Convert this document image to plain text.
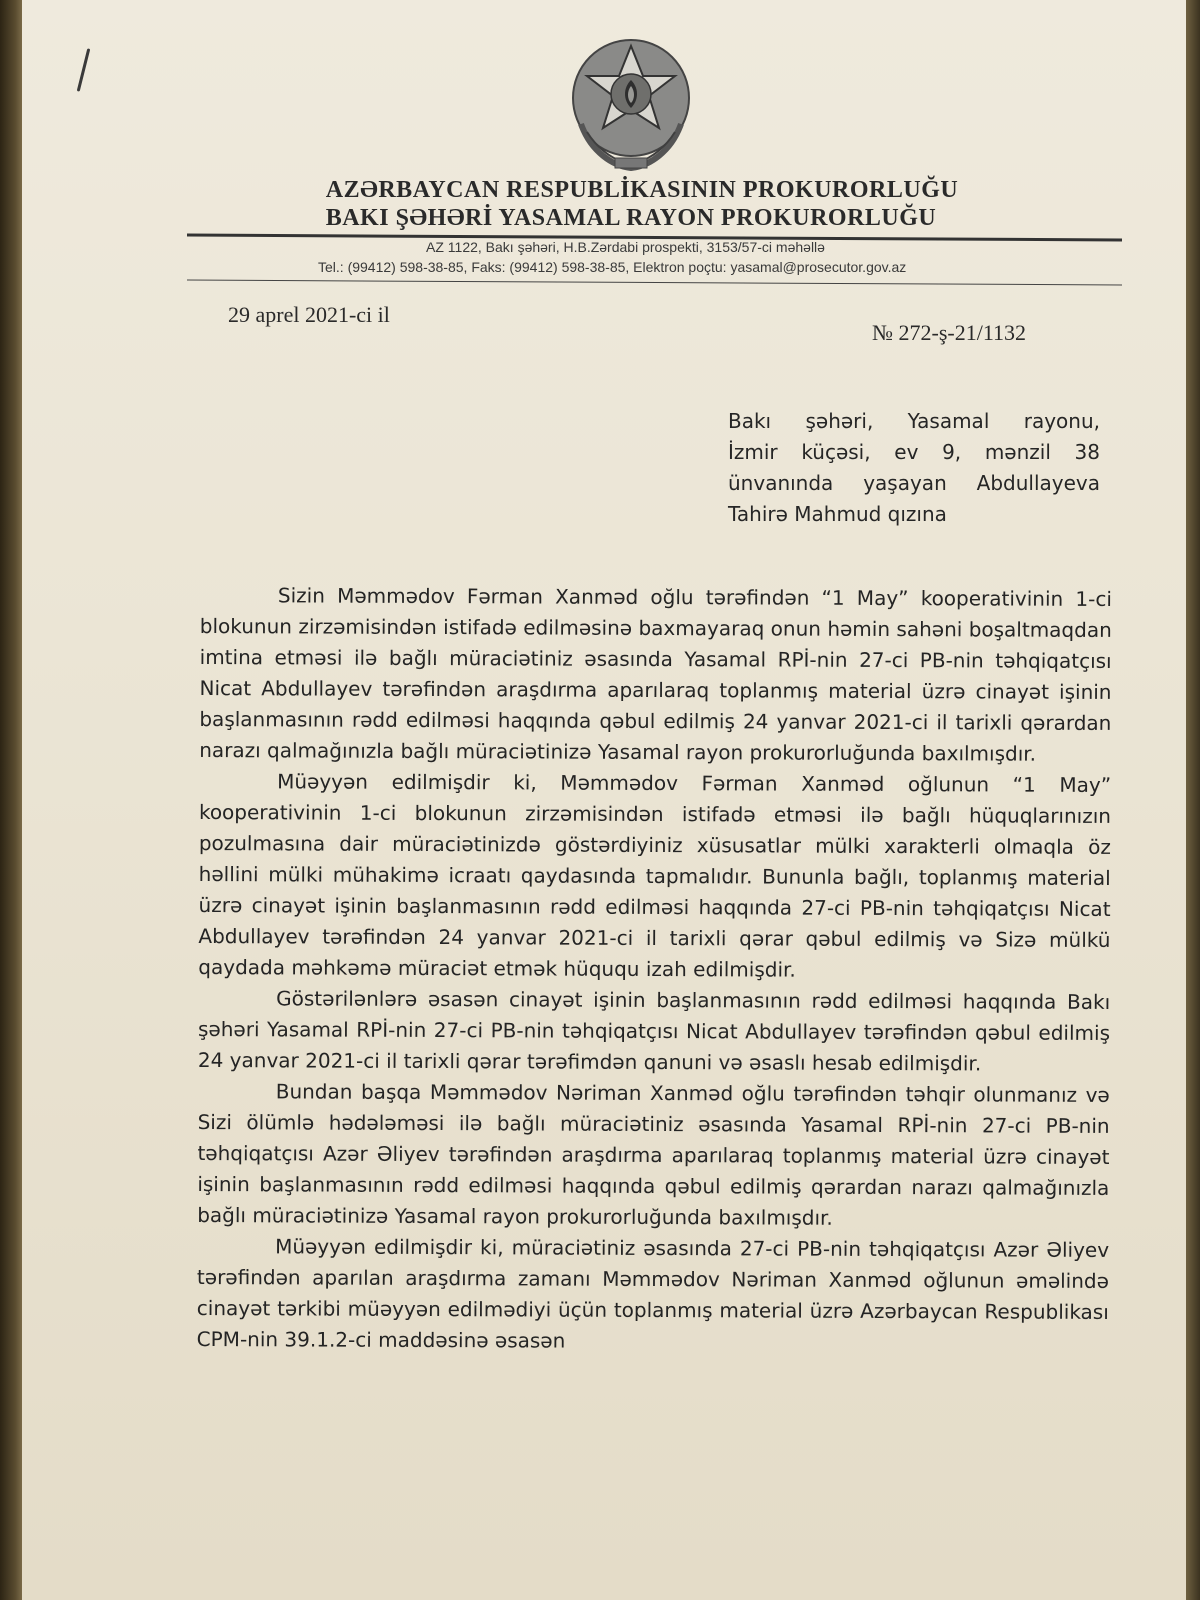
AZƏRBAYCAN RESPUBLİKASININ PROKURORLUĞU
BAKI ŞƏHƏRİ YASAMAL RAYON PROKURORLUĞU
AZ 1122, Bakı şəhəri, H.B.Zərdabi prospekti, 3153/57-ci məhəllə
Tel.: (99412) 598-38-85, Faks: (99412) 598-38-85, Elektron poçtu: yasamal@prosecutor.gov.az
29 aprel 2021-ci il
№ 272-ş-21/1132
Bakı şəhəri, Yasamal rayonu,
İzmir küçəsi, ev 9, mənzil 38
ünvanında yaşayan Abdullayeva
Tahirə Mahmud qızına

Sizin Məmmədov Fərman Xanməd oğlu tərəfindən “1 May” kooperativinin 1-ci blokunun zirzəmisindən istifadə edilməsinə baxmayaraq onun həmin sahəni boşaltmaqdan imtina etməsi ilə bağlı müraciətiniz əsasında Yasamal RPİ-nin 27-ci PB-nin təhqiqatçısı Nicat Abdullayev tərəfindən araşdırma aparılaraq toplanmış material üzrə cinayət işinin başlanmasının rədd edilməsi haqqında qəbul edilmiş 24 yanvar 2021-ci il tarixli qərardan narazı qalmağınızla bağlı müraciətinizə Yasamal rayon prokurorluğunda baxılmışdır.

Müəyyən edilmişdir ki, Məmmədov Fərman Xanməd oğlunun “1 May” kooperativinin 1-ci blokunun zirzəmisindən istifadə etməsi ilə bağlı hüquqlarınızın pozulmasına dair müraciətinizdə göstərdiyiniz xüsusatlar mülki xarakterli olmaqla öz həllini mülki mühakimə icraatı qaydasında tapmalıdır. Bununla bağlı, toplanmış material üzrə cinayət işinin başlanmasının rədd edilməsi haqqında 27-ci PB-nin təhqiqatçısı Nicat Abdullayev tərəfindən 24 yanvar 2021-ci il tarixli qərar qəbul edilmiş və Sizə mülkü qaydada məhkəmə müraciət etmək hüququ izah edilmişdir.

Göstərilənlərə əsasən cinayət işinin başlanmasının rədd edilməsi haqqında Bakı şəhəri Yasamal RPİ-nin 27-ci PB-nin təhqiqatçısı Nicat Abdullayev tərəfindən qəbul edilmiş 24 yanvar 2021-ci il tarixli qərar tərəfimdən qanuni və əsaslı hesab edilmişdir.

Bundan başqa Məmmədov Nəriman Xanməd oğlu tərəfindən təhqir olunmanız və Sizi ölümlə hədələməsi ilə bağlı müraciətiniz əsasında Yasamal RPİ-nin 27-ci PB-nin təhqiqatçısı Azər Əliyev tərəfindən araşdırma aparılaraq toplanmış material üzrə cinayət işinin başlanmasının rədd edilməsi haqqında qəbul edilmiş qərardan narazı qalmağınızla bağlı müraciətinizə Yasamal rayon prokurorluğunda baxılmışdır.

Müəyyən edilmişdir ki, müraciətiniz əsasında 27-ci PB-nin təhqiqatçısı Azər Əliyev tərəfindən aparılan araşdırma zamanı Məmmədov Nəriman Xanməd oğlunun əməlində cinayət tərkibi müəyyən edilmədiyi üçün toplanmış material üzrə Azərbaycan Respublikası CPM-nin 39.1.2-ci maddəsinə əsasən
